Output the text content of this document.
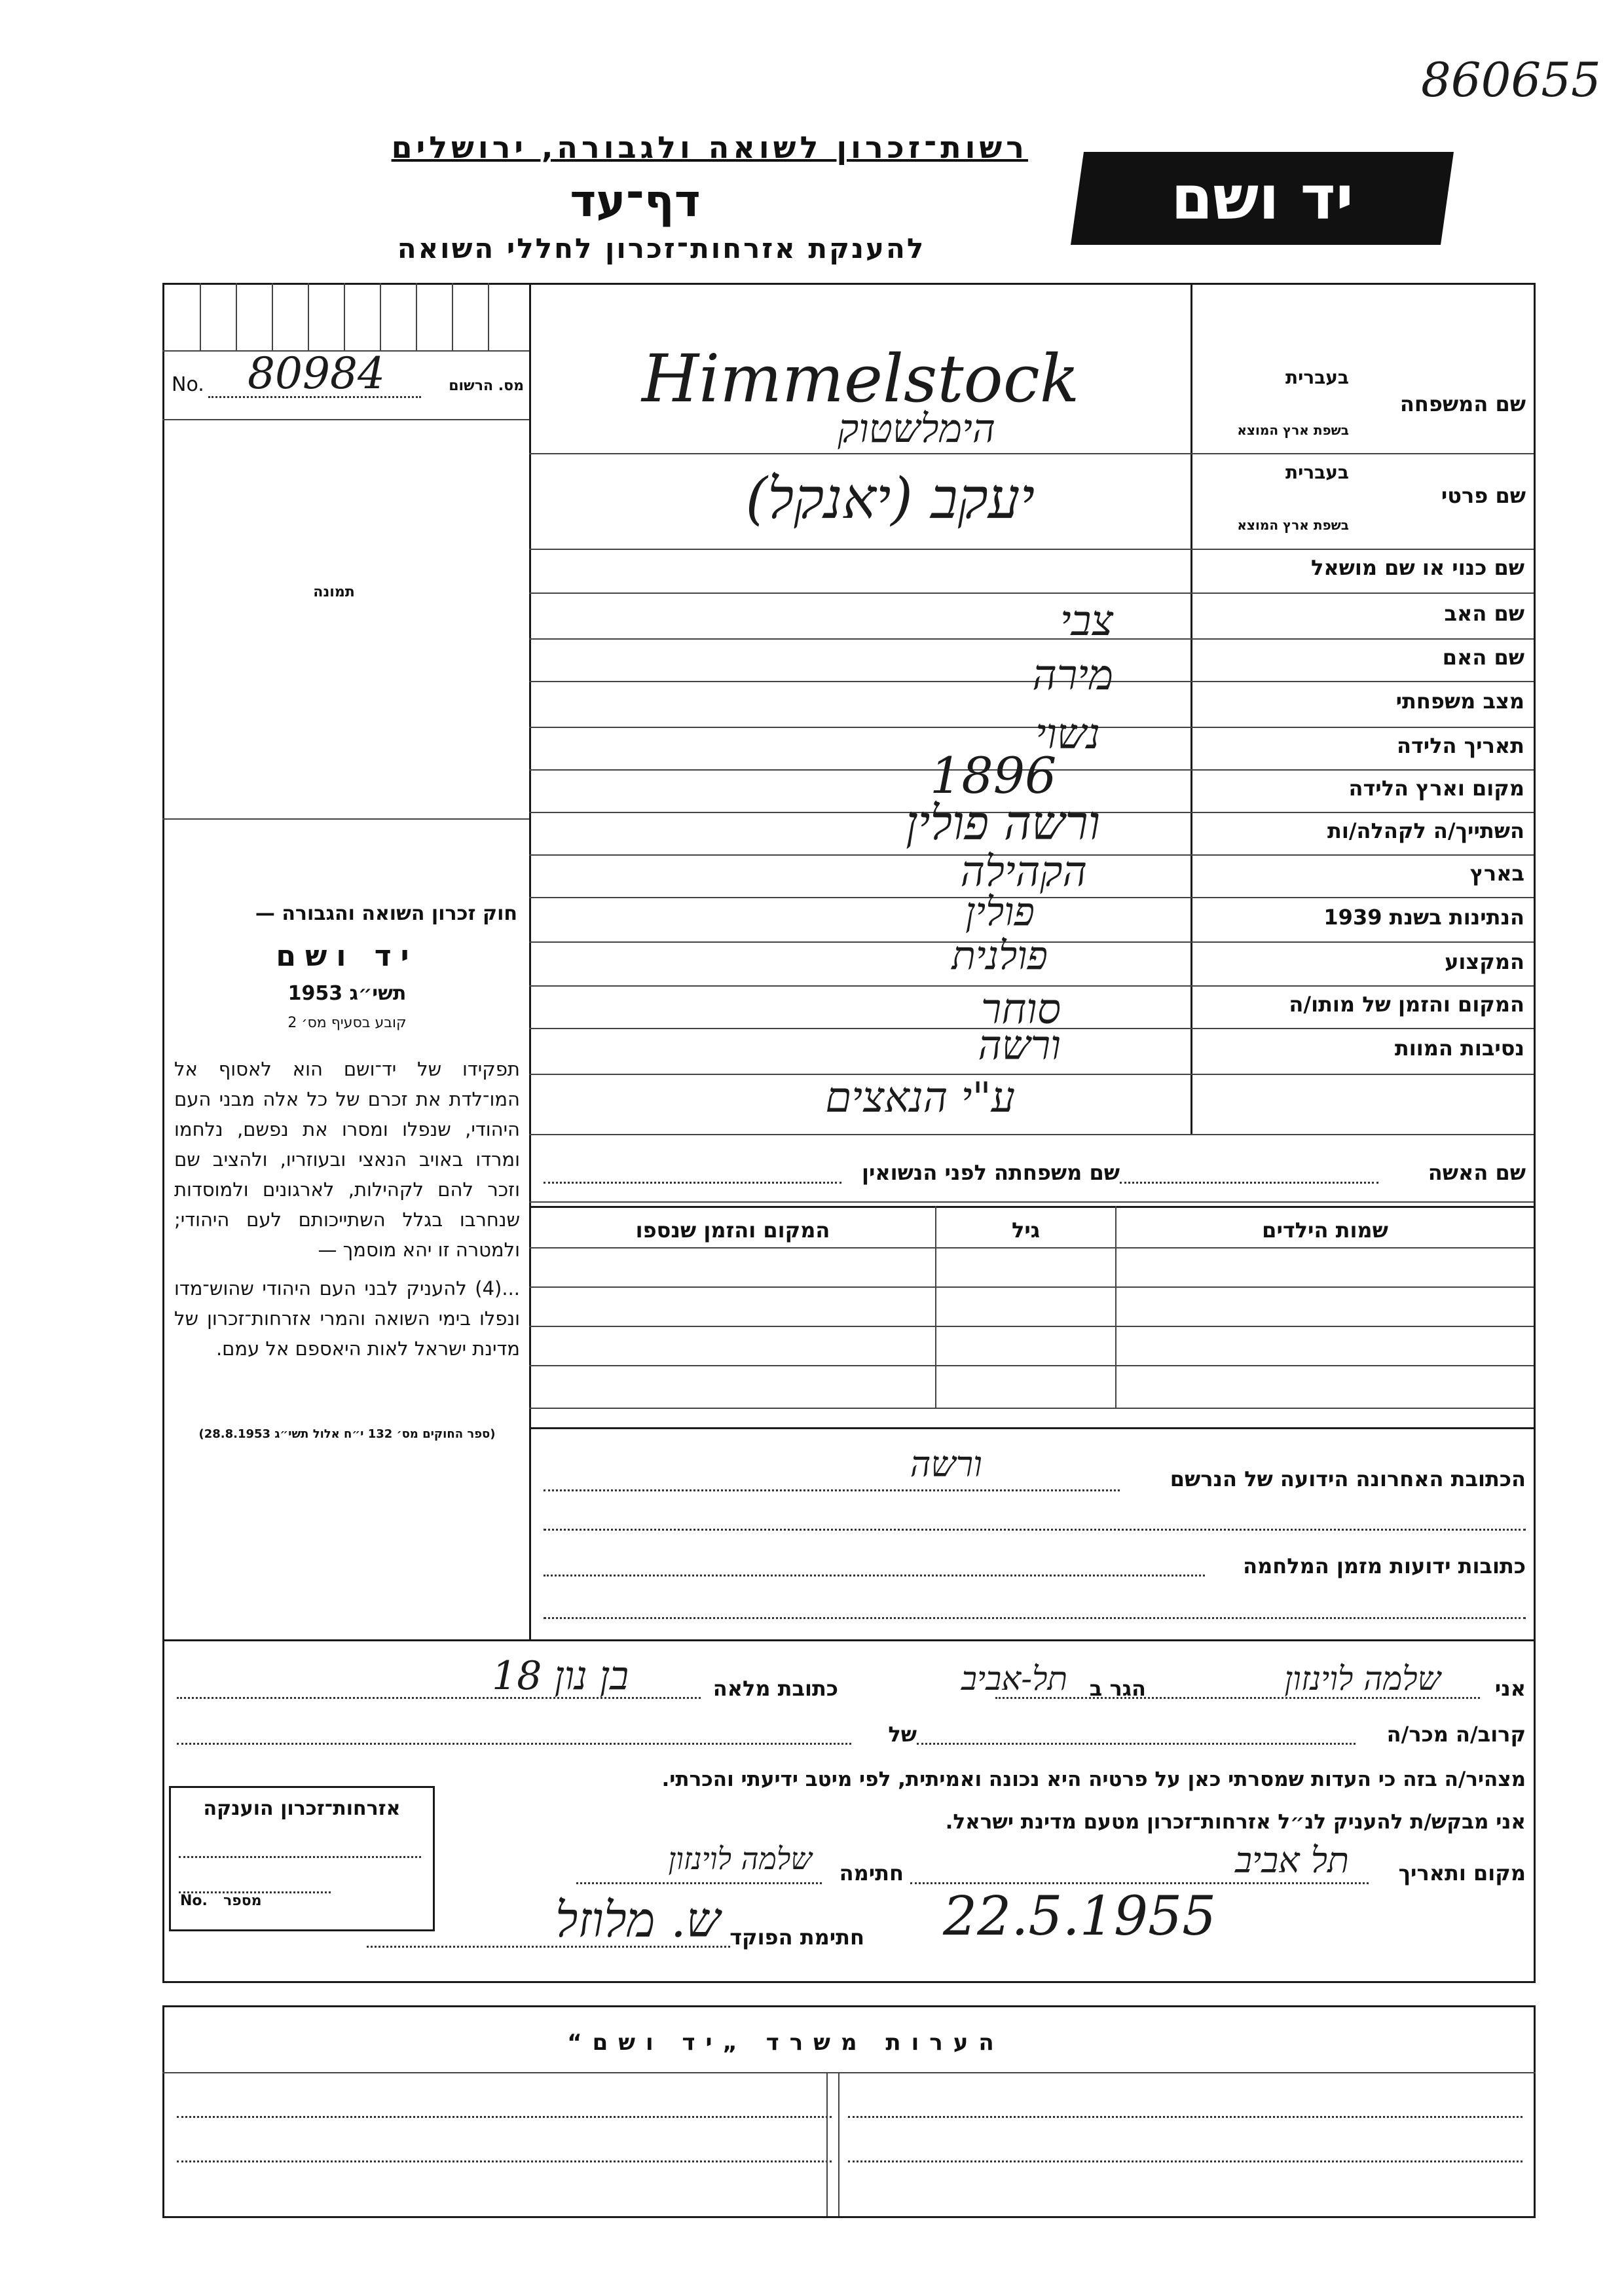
860655
רשות־זכרון לשואה ולגבורה, ירושלים
דף־עד
להענקת אזרחות־זכרון לחללי השואה
יד ושם
No. 80984	מס. הרשום
תמונה
בעברית
שם המשפחה
בשפת ארץ המוצא
Himmelstock
הימלשטוק
בעברית
שם פרטי
בשפת ארץ המוצא
יעקב (יאנקל)
שם כנוי או שם מושאל
שם האב
שם האם
מצב משפחתי
תאריך הלידה
מקום וארץ הלידה
השתייך/ה לקהלה/ות
בארץ
הנתינות בשנת 1939
המקצוע
המקום והזמן של מותו/ה
נסיבות המוות
צבי
מירה
נשוי
1896
ורשה פולין
הקהילה
פולין
פולנית
סוחר
ורשה
ע"י הנאצים
שם האשה
שם משפחתה לפני הנשואין
שמות הילדים
גיל
המקום והזמן שנספו
חוק זכרון השואה והגבורה —
יד ושם
תשי״ג 1953
קובע בסעיף מס׳ 2
תפקידו של יד־ושם הוא לאסוף אל המו־לדת את זכרם של כל אלה מבני העם היהודי, שנפלו ומסרו את נפשם, נלחמו ומרדו באויב הנאצי ובעוזריו, ולהציב שם וזכר להם לקהילות, לארגונים ולמוסדות שנחרבו בגלל השתייכותם לעם היהודי; ולמטרה זו יהא מוסמך —
...(4) להעניק לבני העם היהודי שהוש־מדו ונפלו בימי השואה והמרי אזרחות־זכרון של מדינת ישראל לאות היאספם אל עמם.
(ספר החוקים מס׳ 132 י״ח אלול תשי״ג 28.8.1953)
הכתובת האחרונה הידועה של הנרשם
ורשה
כתובות ידועות מזמן המלחמה
אני
שלמה לוינזון
הגר ב
תל-אביב
כתובת מלאה
בן נון 18
קרוב/ה מכר/ה
של
מצהיר/ה בזה כי העדות שמסרתי כאן על פרטיה היא נכונה ואמיתית, לפי מיטב ידיעתי והכרתי.
אני מבקש/ת להעניק לנ״ל אזרחות־זכרון מטעם מדינת ישראל.
מקום ותאריך
תל אביב
חתימה
שלמה לוינזון
22.5.1955
חתימת הפוקד
ש. מלוזל
אזרחות־זכרון הוענקה
No. מספר
הערות משרד „יד ושם“
